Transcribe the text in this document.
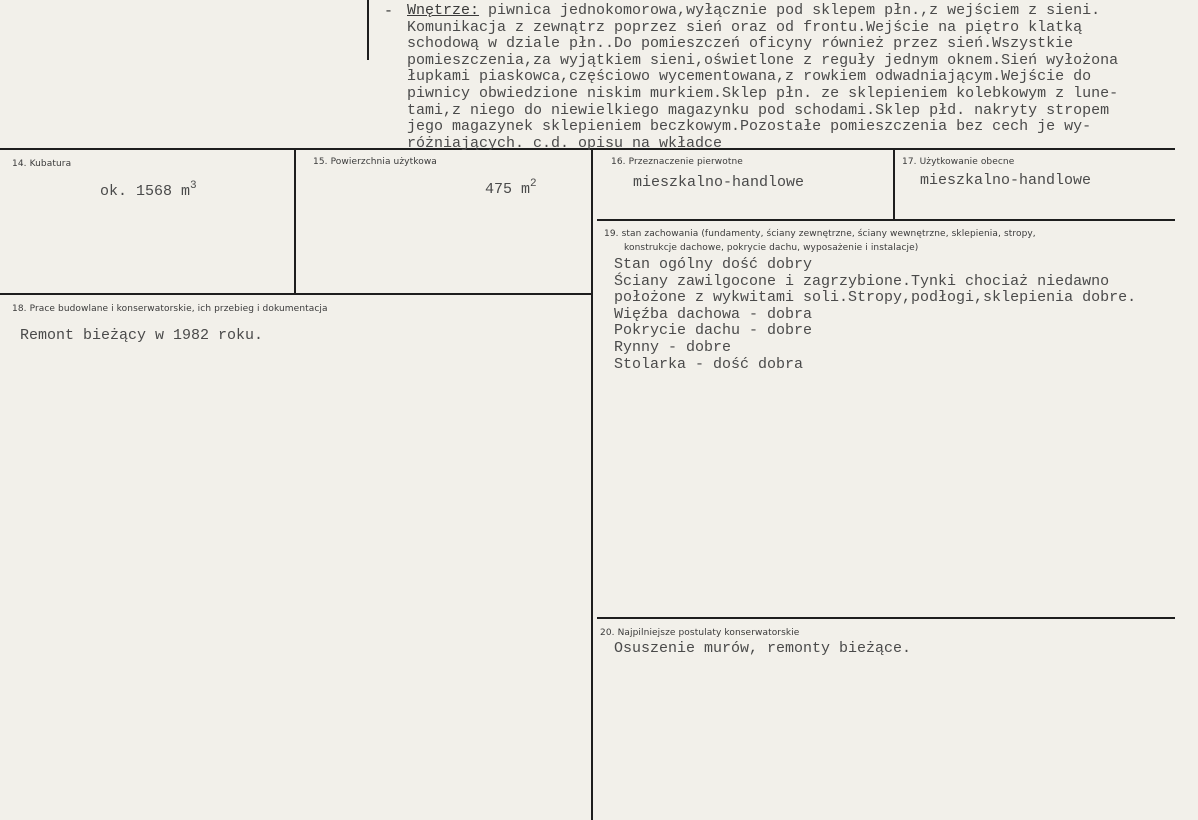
- Wnętrze: piwnica jednokomorowa,wyłącznie pod sklepem płn.,z wejściem z sieni.
Komunikacja z zewnątrz poprzez sień oraz od frontu.Wejście na piętro klatką
schodową w dziale płn..Do pomieszczeń oficyny również przez sień.Wszystkie
pomieszczenia,za wyjątkiem sieni,oświetlone z reguły jednym oknem.Sień wyłożona
łupkami piaskowca,częściowo wycementowana,z rowkiem odwadniającym.Wejście do
piwnicy obwiedzione niskim murkiem.Sklep płn. ze sklepieniem kolebkowym z lune-
tami,z niego do niewielkiego magazynku pod schodami.Sklep płd. nakryty stropem
jego magazynek sklepieniem beczkowym.Pozostałe pomieszczenia bez cech je wy-
różniających. c.d. opisu na wkładce
14. Kubatura
ok. 1568 $m^3$
15. Powierzchnia użytkowa
475 $m^2$
16. Przeznaczenie pierwotne
mieszkalno-handlowe
17. Użytkowanie obecne
mieszkalno-handlowe
18. Prace budowlane i konserwatorskie, ich przebieg i dokumentacja
Remont bieżący w 1982 roku.
19. stan zachowania (fundamenty, ściany zewnętrzne, ściany wewnętrzne, sklepienia, stropy,
konstrukcje dachowe, pokrycie dachu, wyposażenie i instalacje)
Stan ogólny dość dobry
Ściany zawilgocone i zagrzybione.Tynki chociaż niedawno
położone z wykwitami soli.Stropy,podłogi,sklepienia dobre.
Więźba dachowa - dobra
Pokrycie dachu - dobre
Rynny - dobre
Stolarka - dość dobra
20. Najpilniejsze postulaty konserwatorskie
Osuszenie murów, remonty bieżące.
